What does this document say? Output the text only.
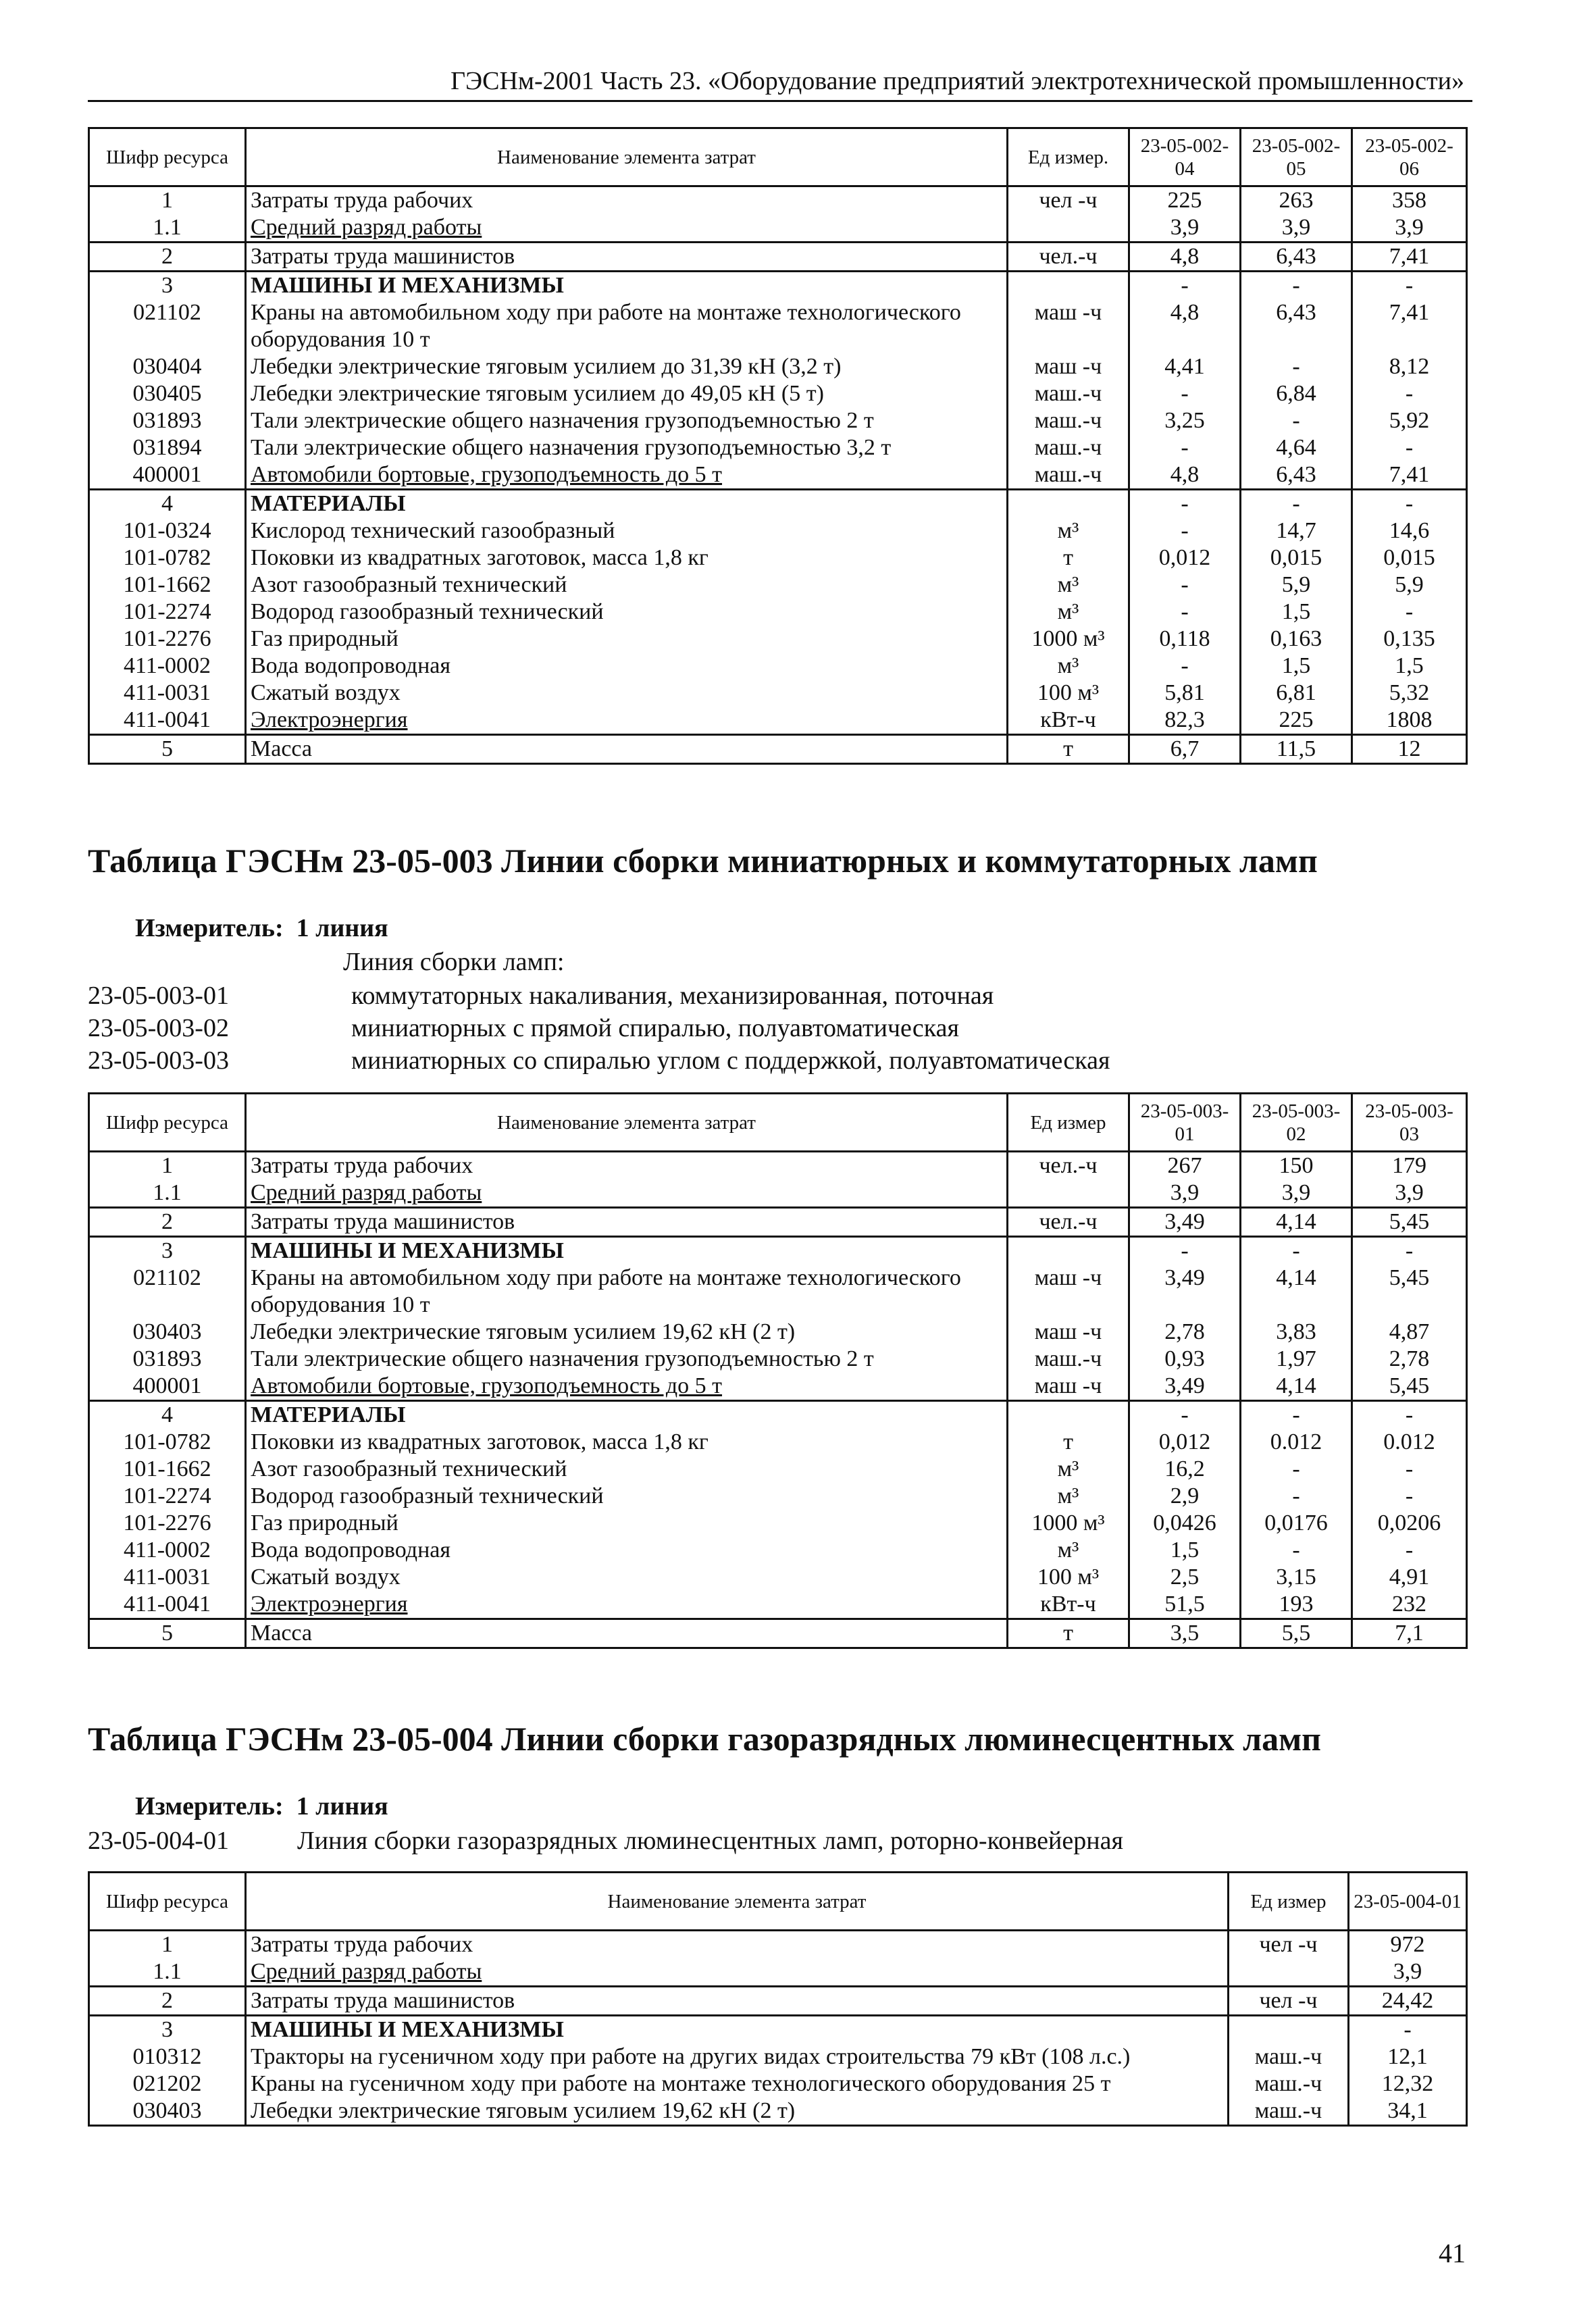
ГЭСНм-2001 Часть 23. «Оборудование предприятий электротехнической промышленности»
Шифр ресурса	Наименование элемента затрат	Ед измер.	23-05-002-04	23-05-002-05	23-05-002-06
1	Затраты труда рабочих	чел -ч	225	263	358
1.1	Средний разряд работы		3,9	3,9	3,9
2	Затраты труда машинистов	чел.-ч	4,8	6,43	7,41
3	МАШИНЫ И МЕХАНИЗМЫ		-	-	-
021102	Краны на автомобильном ходу при работе на монтаже технологического оборудования 10 т	маш -ч	4,8	6,43	7,41
030404	Лебедки электрические тяговым усилием до 31,39 кН (3,2 т)	маш -ч	4,41	-	8,12
030405	Лебедки электрические тяговым усилием до 49,05 кН (5 т)	маш.-ч	-	6,84	-
031893	Тали электрические общего назначения грузоподъемностью 2 т	маш.-ч	3,25	-	5,92
031894	Тали электрические общего назначения грузоподъемностью 3,2 т	маш.-ч	-	4,64	-
400001	Автомобили бортовые, грузоподъемность до 5 т	маш.-ч	4,8	6,43	7,41
4	МАТЕРИАЛЫ		-	-	-
101-0324	Кислород технический газообразный	м³	-	14,7	14,6
101-0782	Поковки из квадратных заготовок, масса 1,8 кг	т	0,012	0,015	0,015
101-1662	Азот газообразный технический	м³	-	5,9	5,9
101-2274	Водород газообразный технический	м³	-	1,5	-
101-2276	Газ природный	1000 м³	0,118	0,163	0,135
411-0002	Вода водопроводная	м³	-	1,5	1,5
411-0031	Сжатый воздух	100 м³	5,81	6,81	5,32
411-0041	Электроэнергия	кВт-ч	82,3	225	1808
5	Масса	т	6,7	11,5	12
Таблица ГЭСНм 23-05-003 Линии сборки миниатюрных и коммутаторных ламп
Измеритель: 1 линия
Линия сборки ламп:
23-05-003-01	коммутаторных накаливания, механизированная, поточная
23-05-003-02	миниатюрных с прямой спиралью, полуавтоматическая
23-05-003-03	миниатюрных со спиралью углом с поддержкой, полуавтоматическая
Шифр ресурса	Наименование элемента затрат	Ед измер	23-05-003-01	23-05-003-02	23-05-003-03
1	Затраты труда рабочих	чел.-ч	267	150	179
1.1	Средний разряд работы		3,9	3,9	3,9
2	Затраты труда машинистов	чел.-ч	3,49	4,14	5,45
3	МАШИНЫ И МЕХАНИЗМЫ		-	-	-
021102	Краны на автомобильном ходу при работе на монтаже технологического оборудования 10 т	маш -ч	3,49	4,14	5,45
030403	Лебедки электрические тяговым усилием 19,62 кН (2 т)	маш -ч	2,78	3,83	4,87
031893	Тали электрические общего назначения грузоподъемностью 2 т	маш.-ч	0,93	1,97	2,78
400001	Автомобили бортовые, грузоподъемность до 5 т	маш -ч	3,49	4,14	5,45
4	МАТЕРИАЛЫ		-	-	-
101-0782	Поковки из квадратных заготовок, масса 1,8 кг	т	0,012	0.012	0.012
101-1662	Азот газообразный технический	м³	16,2	-	-
101-2274	Водород газообразный технический	м³	2,9	-	-
101-2276	Газ природный	1000 м³	0,0426	0,0176	0,0206
411-0002	Вода водопроводная	м³	1,5	-	-
411-0031	Сжатый воздух	100 м³	2,5	3,15	4,91
411-0041	Электроэнергия	кВт-ч	51,5	193	232
5	Масса	т	3,5	5,5	7,1
Таблица ГЭСНм 23-05-004 Линии сборки газоразрядных люминесцентных ламп
Измеритель: 1 линия
23-05-004-01	Линия сборки газоразрядных люминесцентных ламп, роторно-конвейерная
Шифр ресурса	Наименование элемента затрат	Ед измер	23-05-004-01
1	Затраты труда рабочих	чел -ч	972
1.1	Средний разряд работы		3,9
2	Затраты труда машинистов	чел -ч	24,42
3	МАШИНЫ И МЕХАНИЗМЫ		-
010312	Тракторы на гусеничном ходу при работе на других видах строительства 79 кВт (108 л.с.)	маш.-ч	12,1
021202	Краны на гусеничном ходу при работе на монтаже технологического оборудования 25 т	маш.-ч	12,32
030403	Лебедки электрические тяговым усилием 19,62 кН (2 т)	маш.-ч	34,1
41
